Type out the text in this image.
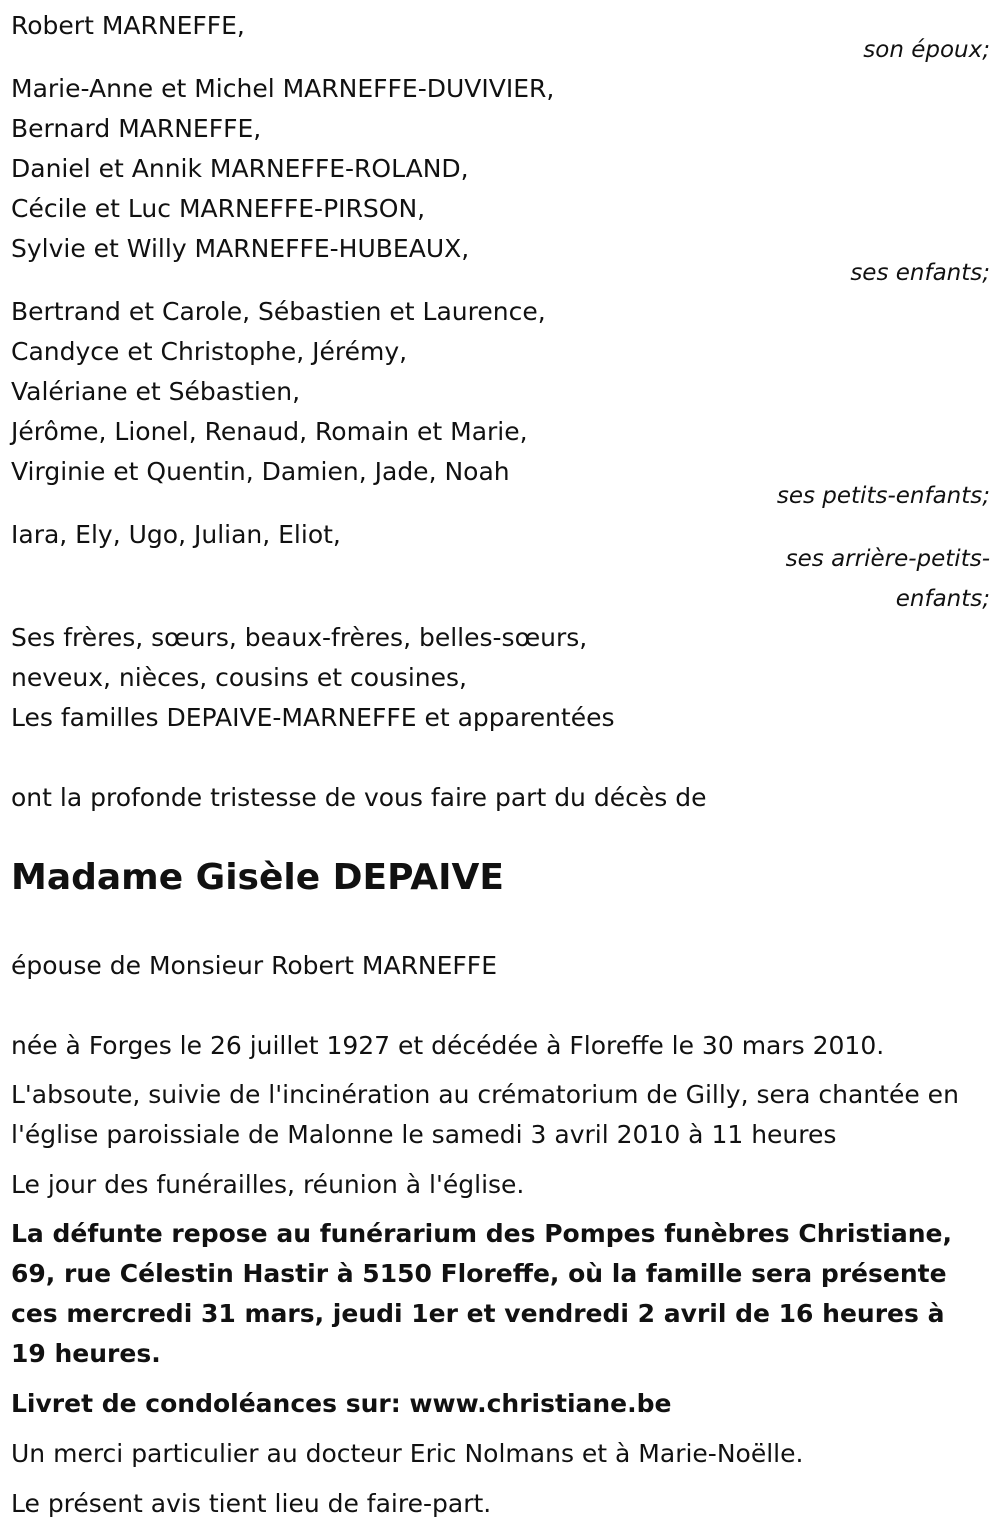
Robert MARNEFFE,
son époux;
Marie-Anne et Michel MARNEFFE-DUVIVIER,
Bernard MARNEFFE,
Daniel et Annik MARNEFFE-ROLAND,
Cécile et Luc MARNEFFE-PIRSON,
Sylvie et Willy MARNEFFE-HUBEAUX,
ses enfants;
Bertrand et Carole, Sébastien et Laurence,
Candyce et Christophe, Jérémy,
Valériane et Sébastien,
Jérôme, Lionel, Renaud, Romain et Marie,
Virginie et Quentin, Damien, Jade, Noah
ses petits-enfants;
Iara, Ely, Ugo, Julian, Eliot,
ses arrière-petits-
enfants;
Ses frères, sœurs, beaux-frères, belles-sœurs,
neveux, nièces, cousins et cousines,
Les familles DEPAIVE-MARNEFFE et apparentées
ont la profonde tristesse de vous faire part du décès de
Madame Gisèle DEPAIVE
épouse de Monsieur Robert MARNEFFE
née à Forges le 26 juillet 1927 et décédée à Floreffe le 30 mars 2010.
L'absoute, suivie de l'incinération au crématorium de Gilly, sera chantée en l'église paroissiale de Malonne le samedi 3 avril 2010 à 11 heures
Le jour des funérailles, réunion à l'église.
La défunte repose au funérarium des Pompes funèbres Christiane, 69, rue Célestin Hastir à 5150 Floreffe, où la famille sera présente ces mercredi 31 mars, jeudi 1er et vendredi 2 avril de 16 heures à 19 heures.
Livret de condoléances sur: www.christiane.be
Un merci particulier au docteur Eric Nolmans et à Marie-Noëlle.
Le présent avis tient lieu de faire-part.
